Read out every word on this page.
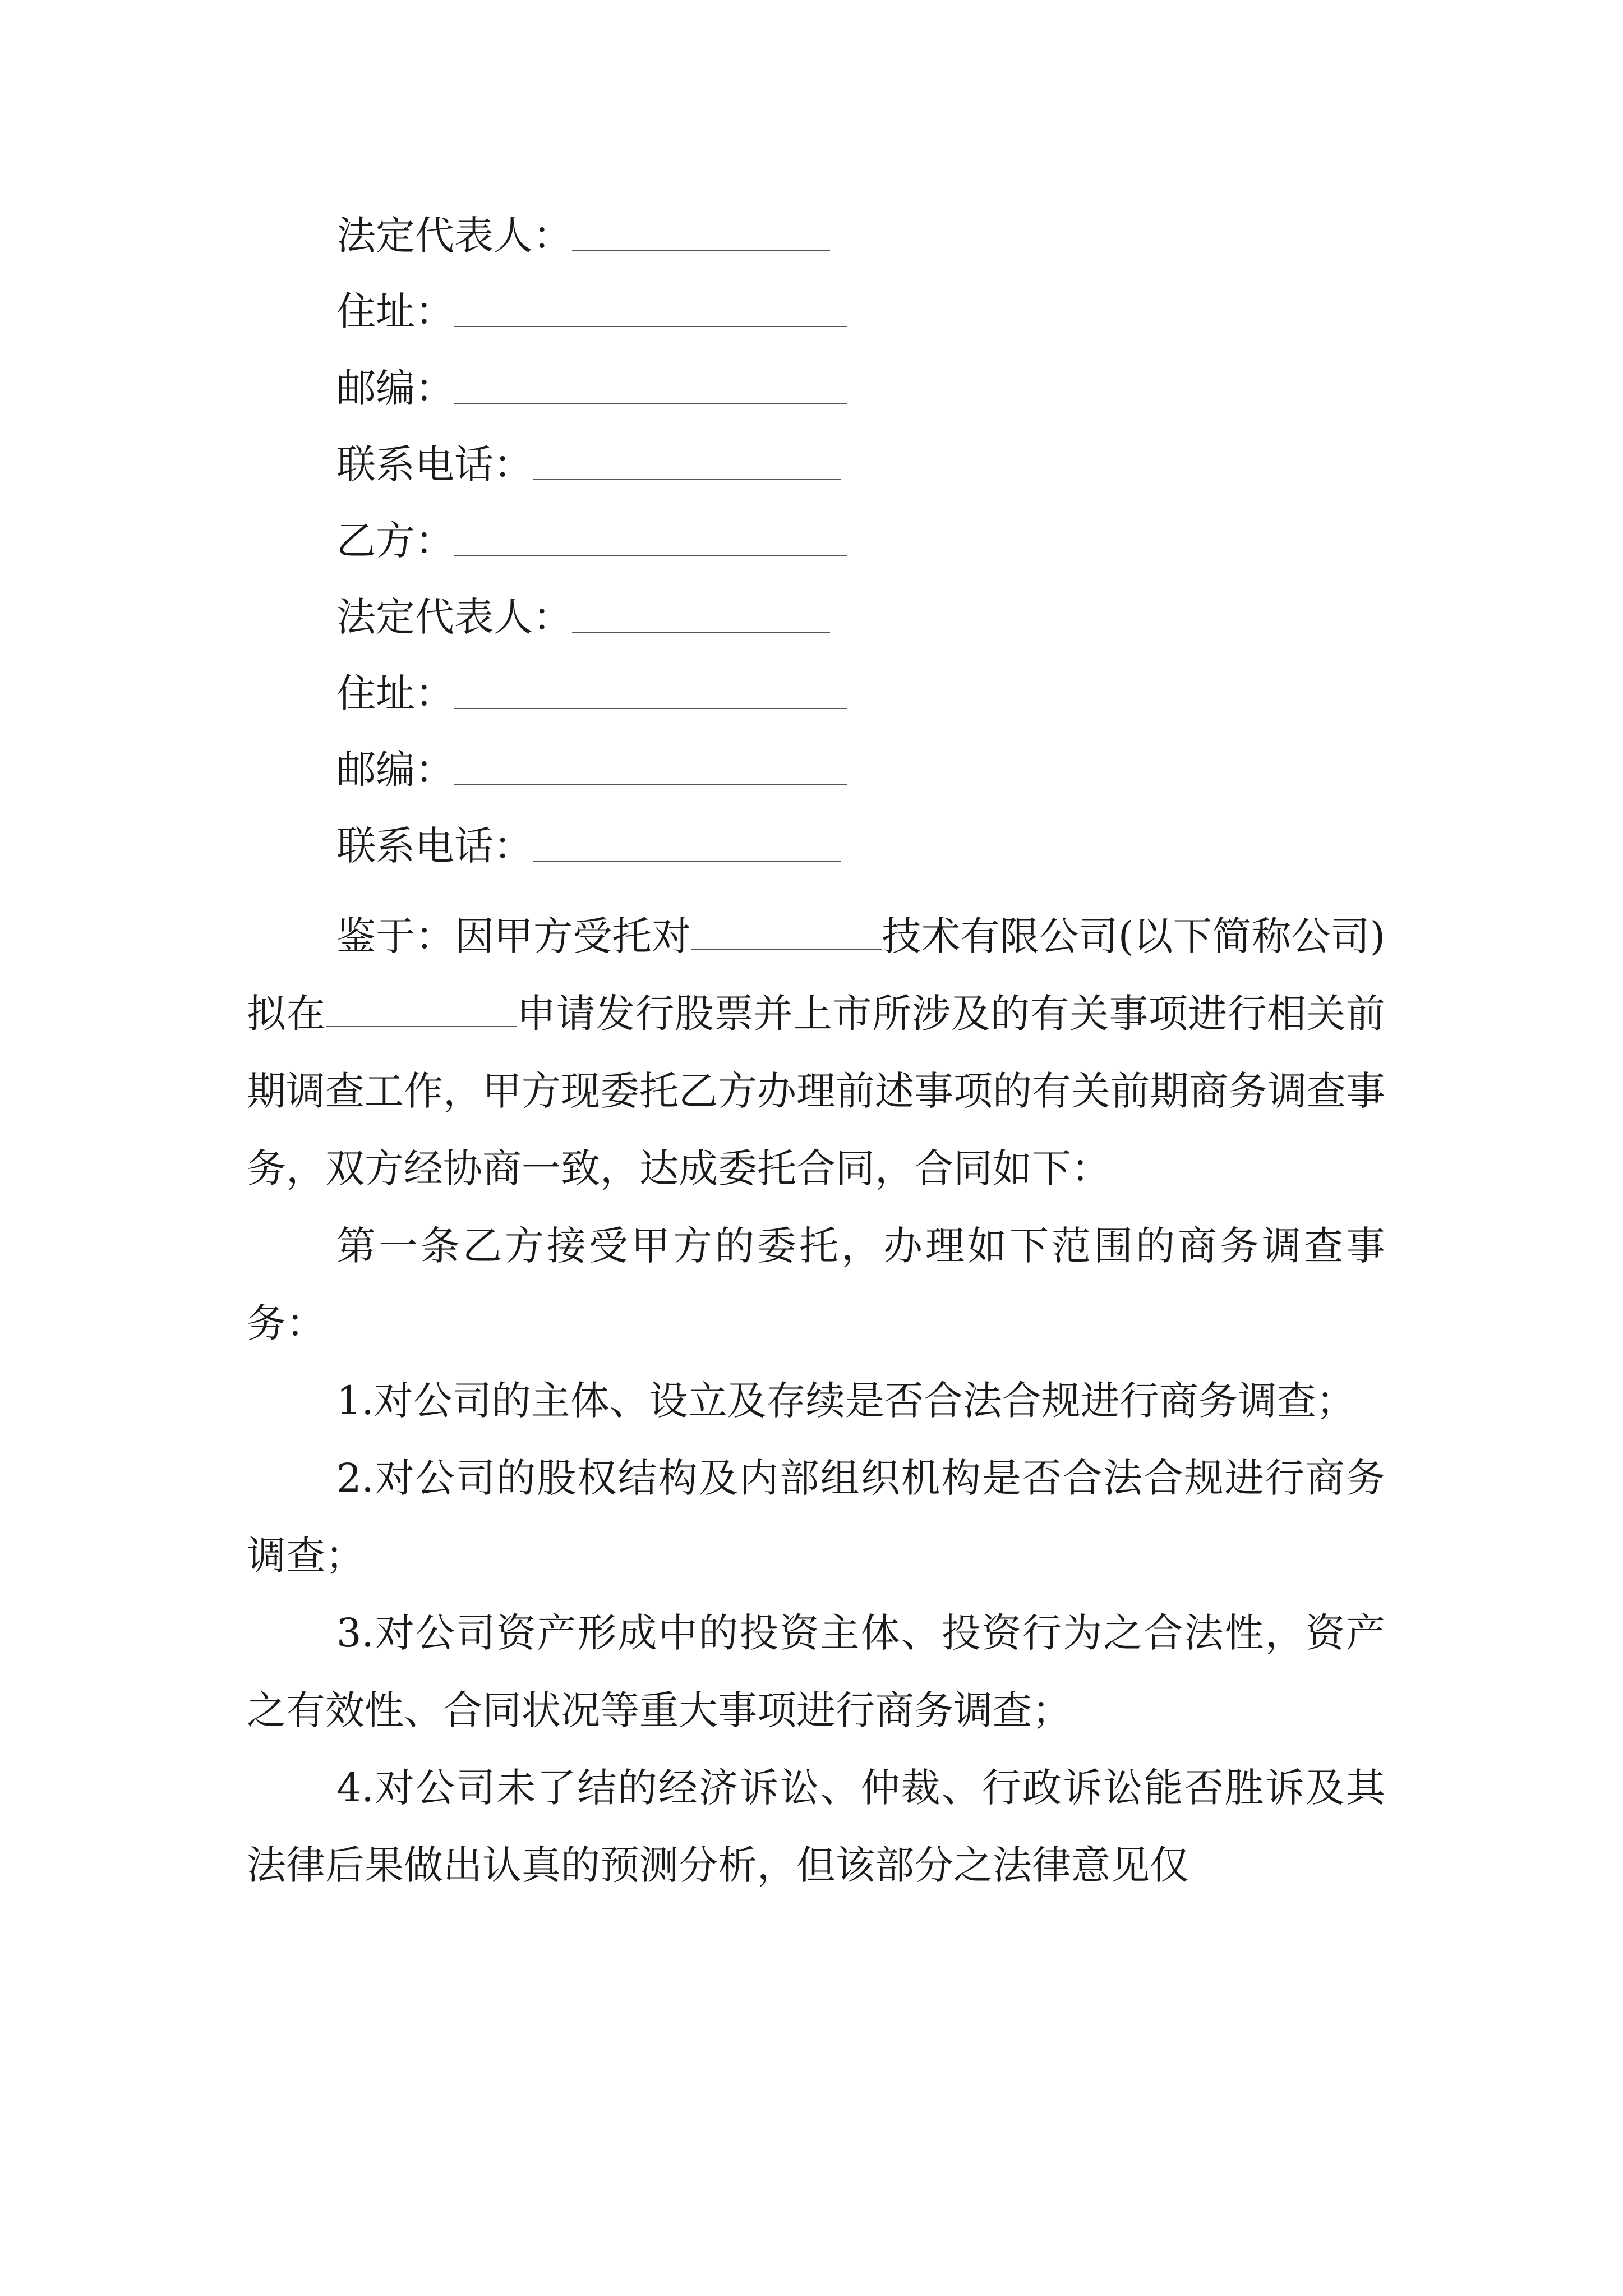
法定代表人：
住址：
邮编：
联系电话：
乙方：
法定代表人：
住址：
邮编：
联系电话：

鉴于：因甲方受托对	技术有限公司(以下简称公司)拟在	申请发行股票并上市所涉及的有关事项进行相关前期调查工作，甲方现委托乙方办理前述事项的有关前期商务调查事务，双方经协商一致，达成委托合同，合同如下：

第一条乙方接受甲方的委托，办理如下范围的商务调查事务：

1.对公司的主体、设立及存续是否合法合规进行商务调查；

2.对公司的股权结构及内部组织机构是否合法合规进行商务调查；

3.对公司资产形成中的投资主体、投资行为之合法性，资产之有效性、合同状况等重大事项进行商务调查；

4.对公司未了结的经济诉讼、仲裁、行政诉讼能否胜诉及其法律后果做出认真的预测分析，但该部分之法律意见仅
